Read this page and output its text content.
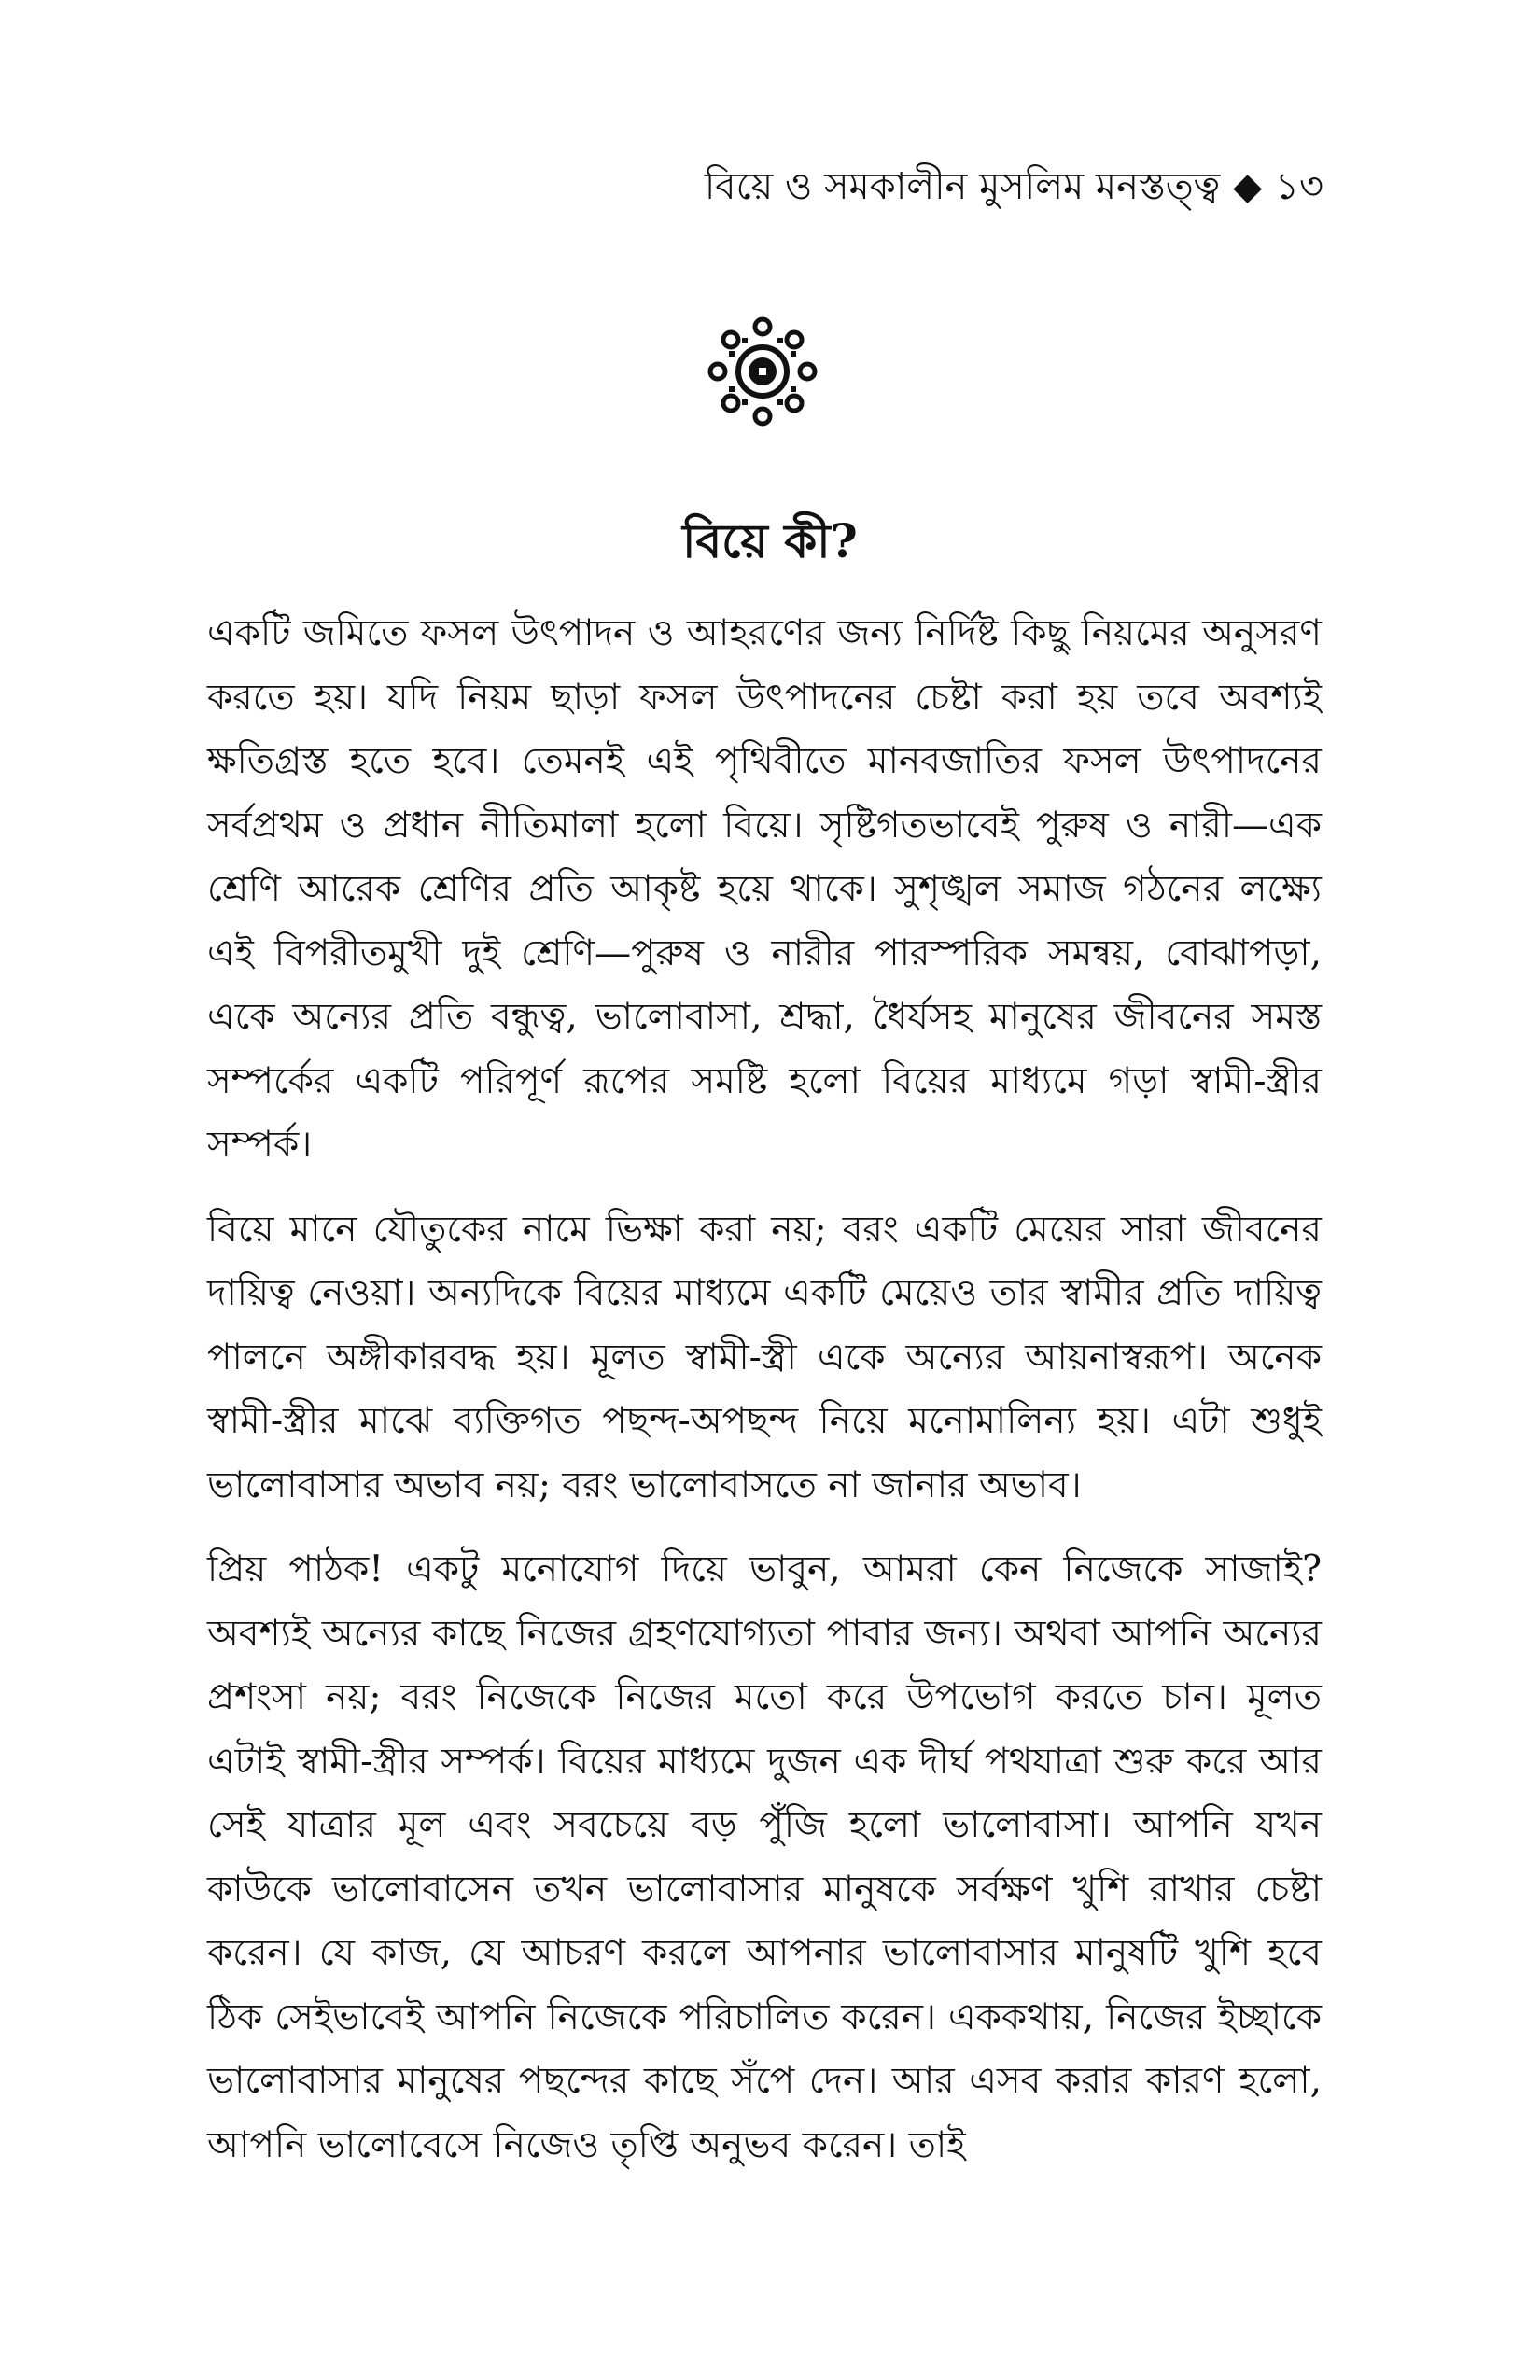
বিয়ে ও সমকালীন মুসলিম মনস্তত্ত্ব ◆ ১৩
বিয়ে কী?

একটি জমিতে ফসল উৎপাদন ও আহরণের জন্য নির্দিষ্ট কিছু নিয়মের অনুসরণ করতে হয়। যদি নিয়ম ছাড়া ফসল উৎপাদনের চেষ্টা করা হয় তবে অবশ্যই ক্ষতিগ্রস্ত হতে হবে। তেমনই এই পৃথিবীতে মানবজাতির ফসল উৎপাদনের সর্বপ্রথম ও প্রধান নীতিমালা হলো বিয়ে। সৃষ্টিগতভাবেই পুরুষ ও নারী—এক শ্রেণি আরেক শ্রেণির প্রতি আকৃষ্ট হয়ে থাকে। সুশৃঙ্খল সমাজ গঠনের লক্ষ্যে এই বিপরীতমুখী দুই শ্রেণি—পুরুষ ও নারীর পারস্পরিক সমন্বয়, বোঝাপড়া, একে অন্যের প্রতি বন্ধুত্ব, ভালোবাসা, শ্রদ্ধা, ধৈর্যসহ মানুষের জীবনের সমস্ত সম্পর্কের একটি পরিপূর্ণ রূপের সমষ্টি হলো বিয়ের মাধ্যমে গড়া স্বামী-স্ত্রীর সম্পর্ক।

বিয়ে মানে যৌতুকের নামে ভিক্ষা করা নয়; বরং একটি মেয়ের সারা জীবনের দায়িত্ব নেওয়া। অন্যদিকে বিয়ের মাধ্যমে একটি মেয়েও তার স্বামীর প্রতি দায়িত্ব পালনে অঙ্গীকারবদ্ধ হয়। মূলত স্বামী-স্ত্রী একে অন্যের আয়নাস্বরূপ। অনেক স্বামী-স্ত্রীর মাঝে ব্যক্তিগত পছন্দ-অপছন্দ নিয়ে মনোমালিন্য হয়। এটা শুধুই ভালোবাসার অভাব নয়; বরং ভালোবাসতে না জানার অভাব।

প্রিয় পাঠক! একটু মনোযোগ দিয়ে ভাবুন, আমরা কেন নিজেকে সাজাই? অবশ্যই অন্যের কাছে নিজের গ্রহণযোগ্যতা পাবার জন্য। অথবা আপনি অন্যের প্রশংসা নয়; বরং নিজেকে নিজের মতো করে উপভোগ করতে চান। মূলত এটাই স্বামী-স্ত্রীর সম্পর্ক। বিয়ের মাধ্যমে দুজন এক দীর্ঘ পথযাত্রা শুরু করে আর সেই যাত্রার মূল এবং সবচেয়ে বড় পুঁজি হলো ভালোবাসা। আপনি যখন কাউকে ভালোবাসেন তখন ভালোবাসার মানুষকে সর্বক্ষণ খুশি রাখার চেষ্টা করেন। যে কাজ, যে আচরণ করলে আপনার ভালোবাসার মানুষটি খুশি হবে ঠিক সেইভাবেই আপনি নিজেকে পরিচালিত করেন। এককথায়, নিজের ইচ্ছাকে ভালোবাসার মানুষের পছন্দের কাছে সঁপে দেন। আর এসব করার কারণ হলো, আপনি ভালোবেসে নিজেও তৃপ্তি অনুভব করেন। তাই
